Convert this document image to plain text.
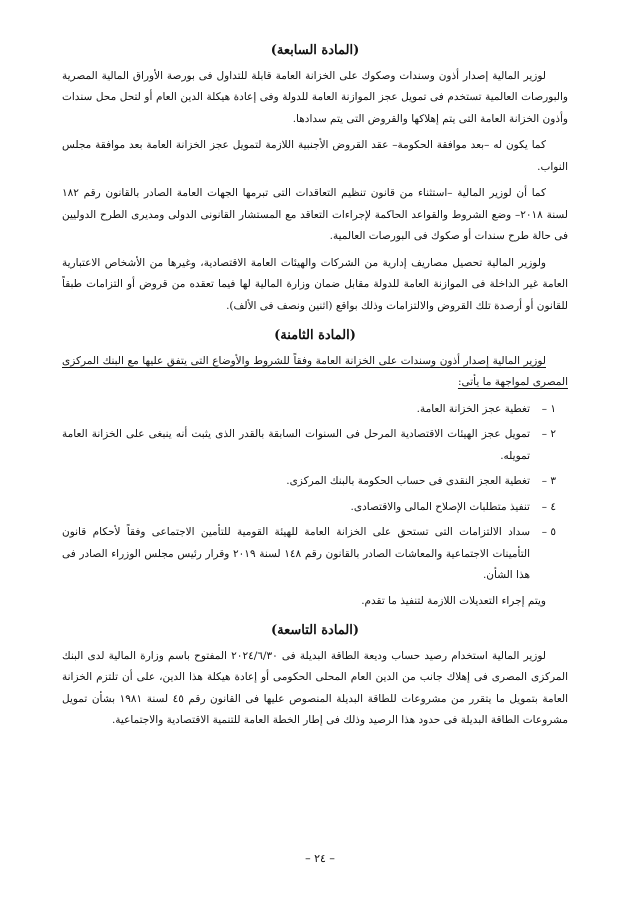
(المادة السابعة)

لوزير المالية إصدار أذون وسندات وصكوك على الخزانة العامة قابلة للتداول فى بورصة الأوراق المالية المصرية والبورصات العالمية تستخدم فى تمويل عجز الموازنة العامة للدولة وفى إعادة هيكلة الدين العام أو لتحل محل سندات وأذون الخزانة العامة التى يتم إهلاكها والقروض التى يتم سدادها.

كما يكون له –بعد موافقة الحكومة– عقد القروض الأجنبية اللازمة لتمويل عجز الخزانة العامة بعد موافقة مجلس النواب.

كما أن لوزير المالية –استثناء من قانون تنظيم التعاقدات التى تبرمها الجهات العامة الصادر بالقانون رقم ١٨٢ لسنة ٢٠١٨– وضع الشروط والقواعد الحاكمة لإجراءات التعاقد مع المستشار القانونى الدولى ومديرى الطرح الدوليين فى حالة طرح سندات أو صكوك فى البورصات العالمية.

ولوزير المالية تحصيل مصاريف إدارية من الشركات والهيئات العامة الاقتصادية، وغيرها من الأشخاص الاعتبارية العامة غير الداخلة فى الموازنة العامة للدولة مقابل ضمان وزارة المالية لها فيما تعقده من قروض أو التزامات طبقاً للقانون أو أرصدة تلك القروض والالتزامات وذلك بواقع (اثنين ونصف فى الألف).

(المادة الثامنة)

لوزير المالية إصدار أذون وسندات على الخزانة العامة وفقاً للشروط والأوضاع التى يتفق عليها مع البنك المركزى المصرى لمواجهة ما يأتى:

١ –
تغطية عجز الخزانة العامة.
٢ –
تمويل عجز الهيئات الاقتصادية المرحل فى السنوات السابقة بالقدر الذى يثبت أنه ينبغى على الخزانة العامة تمويله.
٣ –
تغطية العجز النقدى فى حساب الحكومة بالبنك المركزى.
٤ –
تنفيذ متطلبات الإصلاح المالى والاقتصادى.
٥ –
سداد الالتزامات التى تستحق على الخزانة العامة للهيئة القومية للتأمين الاجتماعى وفقاً لأحكام قانون التأمينات الاجتماعية والمعاشات الصادر بالقانون رقم ١٤٨ لسنة ٢٠١٩ وقرار رئيس مجلس الوزراء الصادر فى هذا الشأن.

ويتم إجراء التعديلات اللازمة لتنفيذ ما تقدم.

(المادة التاسعة)

لوزير المالية استخدام رصيد حساب وديعة الطاقة البديلة فى ٢٠٢٤/٦/٣٠ المفتوح باسم وزارة المالية لدى البنك المركزى المصرى فى إهلاك جانب من الدين العام المحلى الحكومى أو إعادة هيكلة هذا الدين، على أن تلتزم الخزانة العامة بتمويل ما يتقرر من مشروعات للطاقة البديلة المنصوص عليها فى القانون رقم ٤٥ لسنة ١٩٨١ بشأن تمويل مشروعات الطاقة البديلة فى حدود هذا الرصيد وذلك فى إطار الخطة العامة للتنمية الاقتصادية والاجتماعية.

– ٢٤ –
